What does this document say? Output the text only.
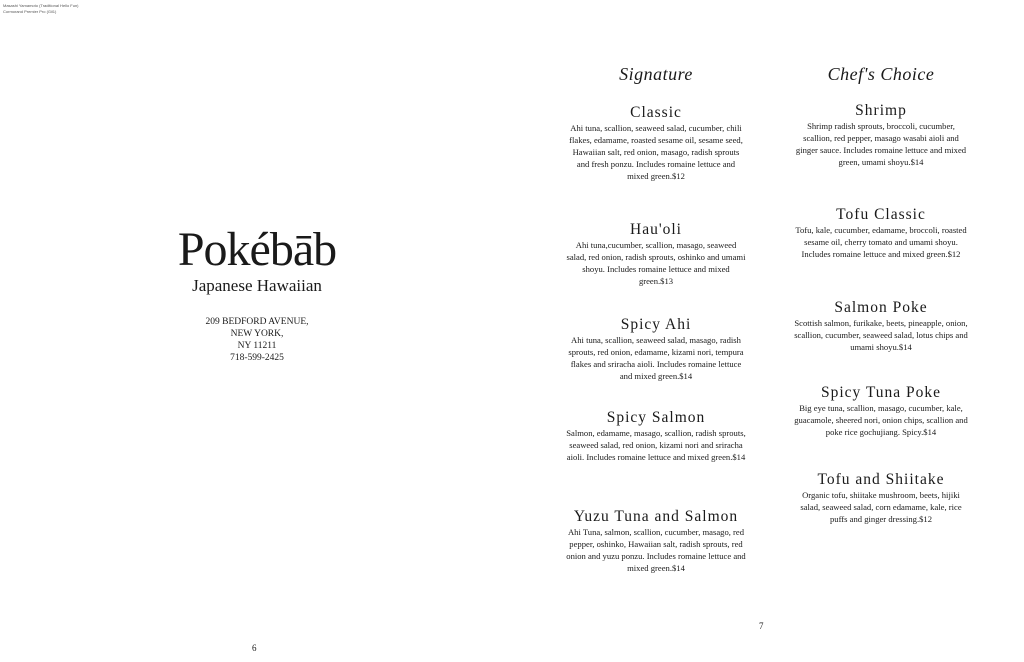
Masashi Yamamoto (Traditional Hello Fun)
Cormorand Premier Pro (Gil1)
Pokébāb
Japanese Hawaiian
209 BEDFORD AVENUE,
NEW YORK,
NY 11211
718-599-2425
6
7
Signature
Classic
Ahi tuna, scallion, seaweed salad, cucumber, chili flakes, edamame, roasted sesame oil, sesame seed, Hawaiian salt, red onion, masago, radish sprouts and fresh ponzu. Includes romaine lettuce and mixed green.$12
Hau'oli
Ahi tuna,cucumber, scallion, masago, seaweed salad, red onion, radish sprouts, oshinko and umami shoyu. Includes romaine lettuce and mixed green.$13
Spicy Ahi
Ahi tuna, scallion, seaweed salad, masago, radish sprouts, red onion, edamame, kizami nori, tempura flakes and sriracha aioli. Includes romaine lettuce and mixed green.$14
Spicy Salmon
Salmon, edamame, masago, scallion, radish sprouts, seaweed salad, red onion, kizami nori and sriracha aioli. Includes romaine lettuce and mixed green.$14
Yuzu Tuna and Salmon
Ahi Tuna, salmon, scallion, cucumber, masago, red pepper, oshinko, Hawaiian salt, radish sprouts, red onion and yuzu ponzu. Includes romaine lettuce and mixed green.$14
Chef's Choice
Shrimp
Shrimp radish sprouts, broccoli, cucumber, scallion, red pepper, masago wasabi aioli and ginger sauce. Includes romaine lettuce and mixed green, umami shoyu.$14
Tofu Classic
Tofu, kale, cucumber, edamame, broccoli, roasted sesame oil, cherry tomato and umami shoyu. Includes romaine lettuce and mixed green.$12
Salmon Poke
Scottish salmon, furikake, beets, pineapple, onion, scallion, cucumber, seaweed salad, lotus chips and umami shoyu.$14
Spicy Tuna Poke
Big eye tuna, scallion, masago, cucumber, kale, guacamole, sheered nori, onion chips, scallion and poke rice gochujiang. Spicy.$14
Tofu and Shiitake
Organic tofu, shiitake mushroom, beets, hijiki salad, seaweed salad, corn edamame, kale, rice puffs and ginger dressing.$12
